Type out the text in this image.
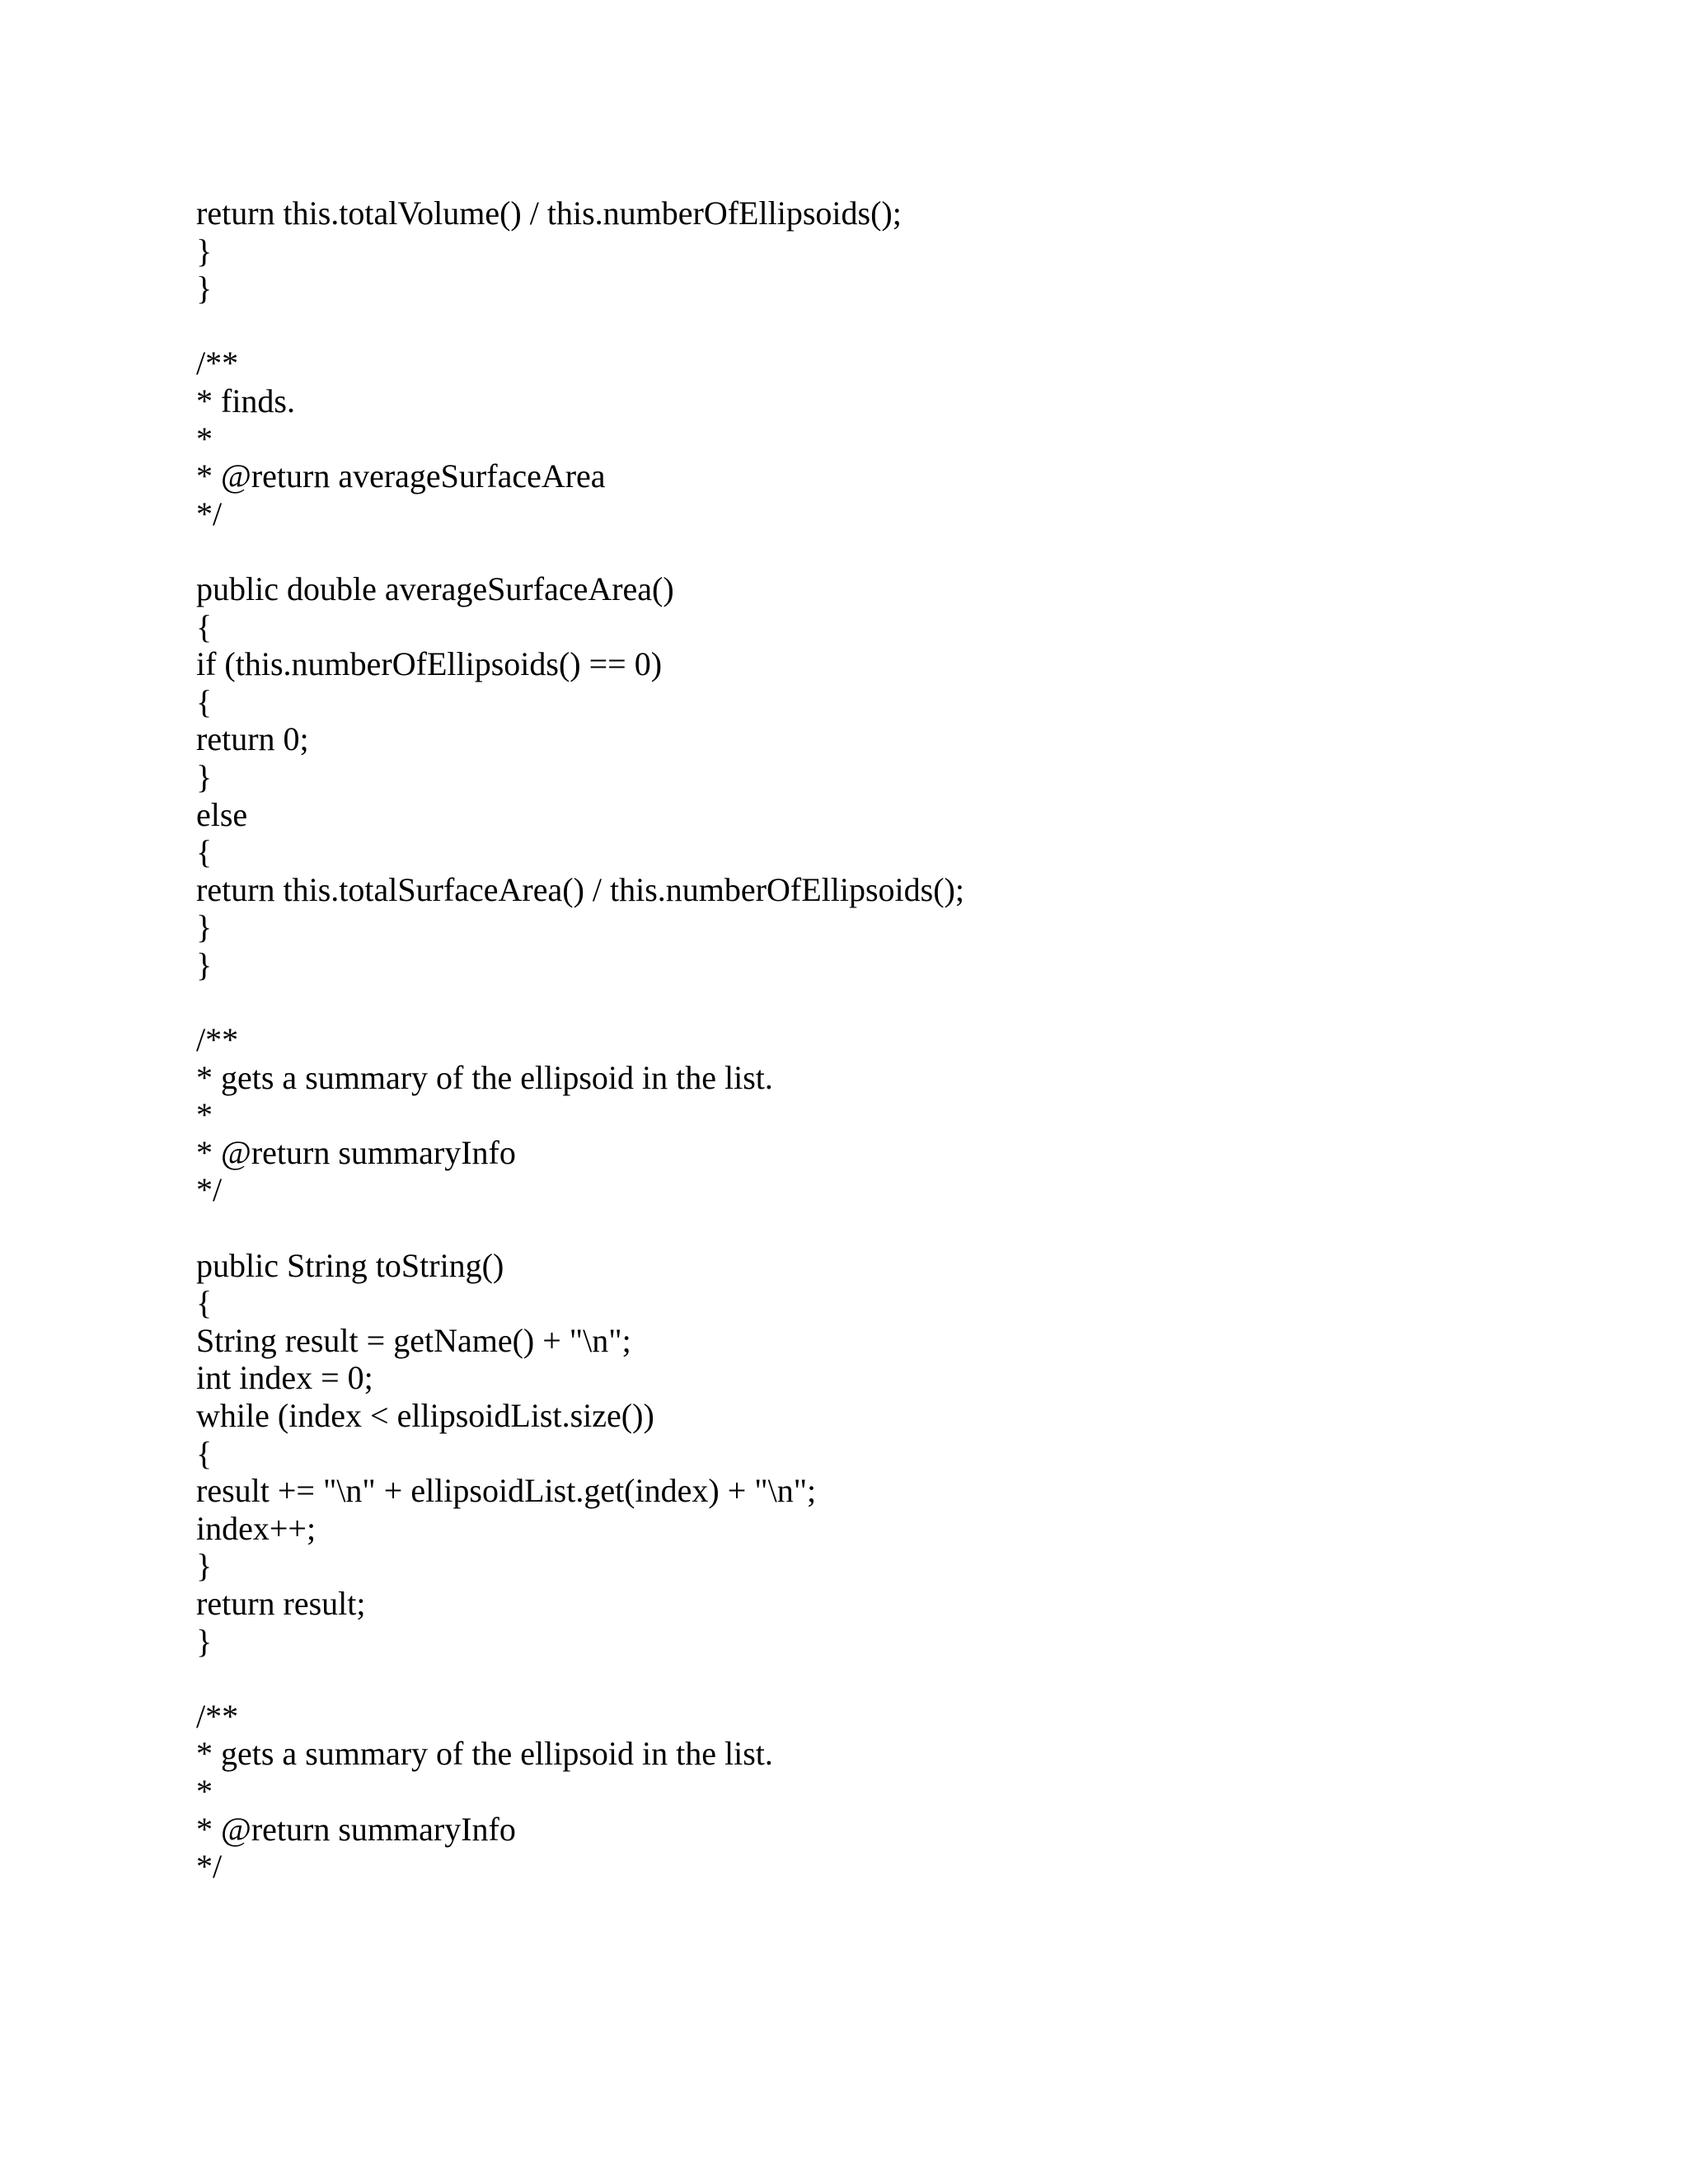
return this.totalVolume() / this.numberOfEllipsoids();
}
}
/**
* finds.
*
* @return averageSurfaceArea
*/
public double averageSurfaceArea()
{
if (this.numberOfEllipsoids() == 0)
{
return 0;
}
else
{
return this.totalSurfaceArea() / this.numberOfEllipsoids();
}
}
/**
* gets a summary of the ellipsoid in the list.
*
* @return summaryInfo
*/
public String toString()
{
String result = getName() + "\n";
int index = 0;
while (index < ellipsoidList.size())
{
result += "\n" + ellipsoidList.get(index) + "\n";
index++;
}
return result;
}
/**
* gets a summary of the ellipsoid in the list.
*
* @return summaryInfo
*/
